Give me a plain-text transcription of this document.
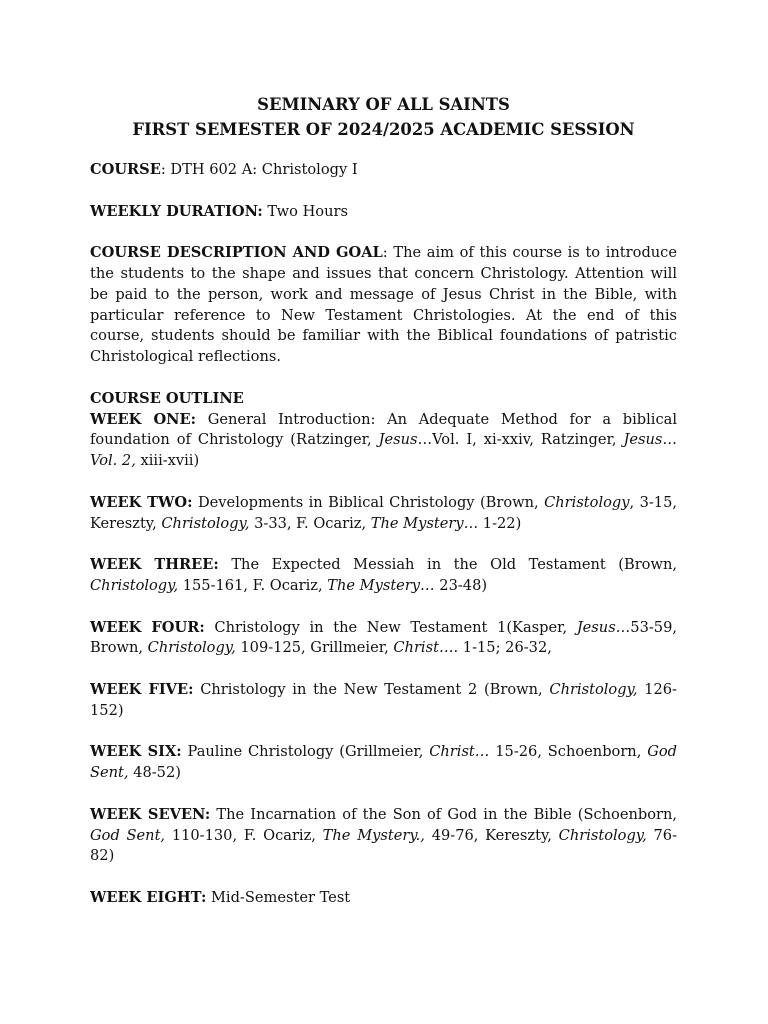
SEMINARY OF ALL SAINTS

FIRST SEMESTER OF 2024/2025 ACADEMIC SESSION

COURSE: DTH 602 A: Christology I

WEEKLY DURATION: Two Hours

COURSE DESCRIPTION AND GOAL: The aim of this course is to introduce the students to the shape and issues that concern Christology. Attention will be paid to the person, work and message of Jesus Christ in the Bible, with particular reference to New Testament Christologies. At the end of this course, students should be familiar with the Biblical foundations of patristic Christological reflections.

COURSE OUTLINE

WEEK ONE: General Introduction: An Adequate Method for a biblical foundation of Christology (Ratzinger, Jesus…Vol. I, xi-xxiv, Ratzinger, Jesus…Vol. 2, xiii-xvii)

WEEK TWO: Developments in Biblical Christology (Brown, Christology, 3-15, Kereszty, Christology, 3-33, F. Ocariz, The Mystery… 1-22)

WEEK THREE: The Expected Messiah in the Old Testament (Brown, Christology, 155-161, F. Ocariz, The Mystery… 23-48)

WEEK FOUR: Christology in the New Testament 1(Kasper, Jesus…53-59, Brown, Christology, 109-125, Grillmeier, Christ…. 1-15; 26-32,

WEEK FIVE: Christology in the New Testament 2 (Brown, Christology, 126-152)

WEEK SIX: Pauline Christology (Grillmeier, Christ… 15-26, Schoenborn, God Sent, 48-52)

WEEK SEVEN: The Incarnation of the Son of God in the Bible (Schoenborn, God Sent, 110-130, F. Ocariz, The Mystery., 49-76, Kereszty, Christology, 76-82)

WEEK EIGHT: Mid-Semester Test
